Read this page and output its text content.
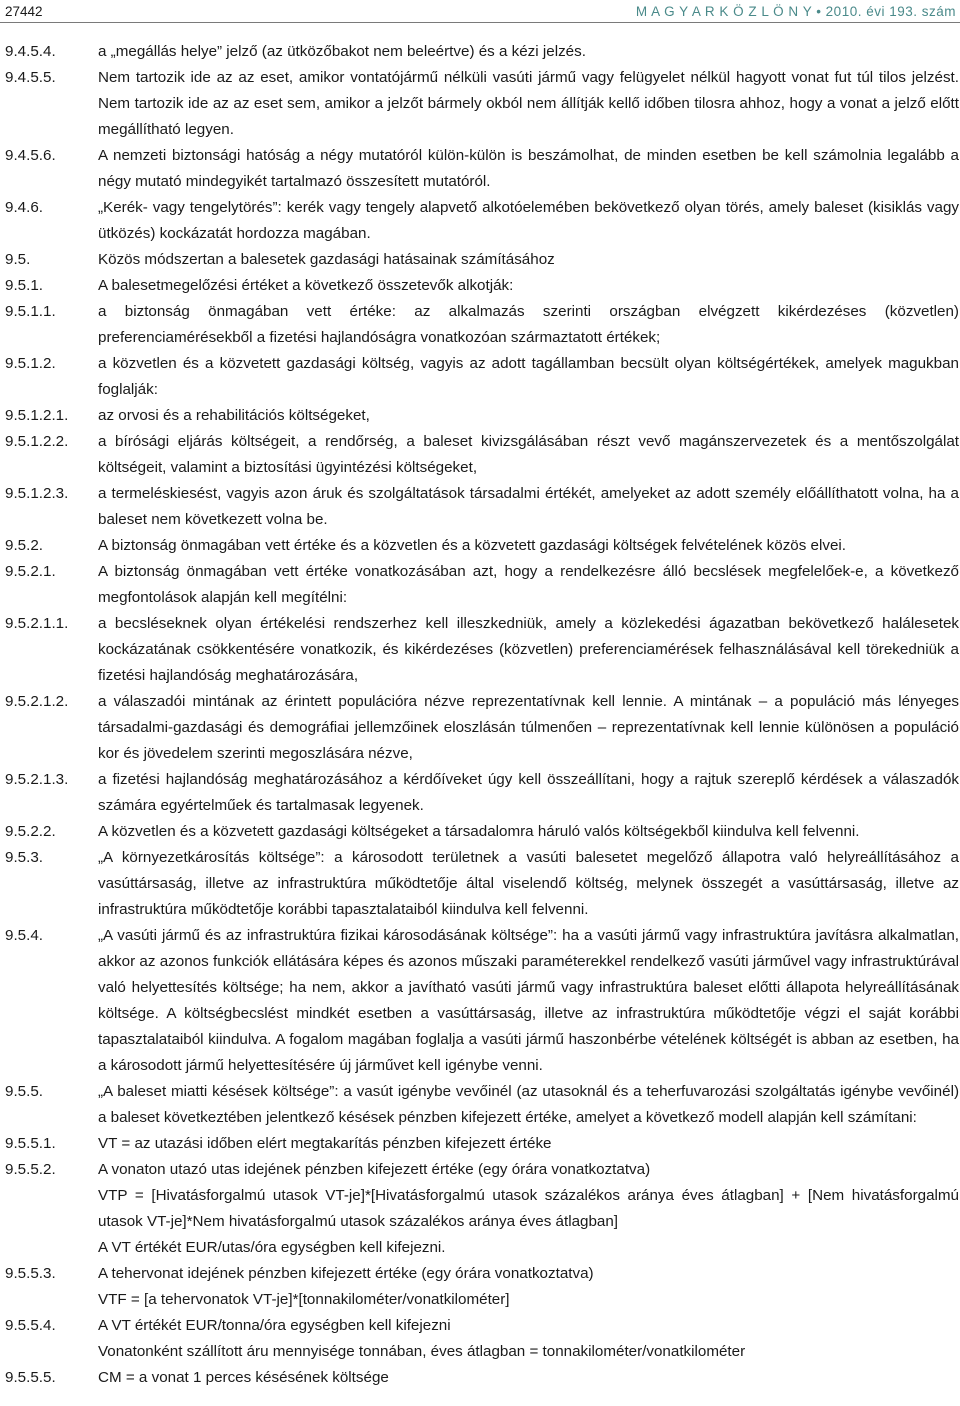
27442	M A G Y A R K Ö Z L Ö N Y • 2010. évi 193. szám
9.4.5.4.	a „megállás helye” jelző (az ütközőbakot nem beleértve) és a kézi jelzés.
9.4.5.5.	Nem tartozik ide az az eset, amikor vontatójármű nélküli vasúti jármű vagy felügyelet nélkül hagyott vonat fut túl tilos jelzést. Nem tartozik ide az az eset sem, amikor a jelzőt bármely okból nem állítják kellő időben tilosra ahhoz, hogy a vonat a jelző előtt megállítható legyen.
9.4.5.6.	A nemzeti biztonsági hatóság a négy mutatóról külön-külön is beszámolhat, de minden esetben be kell számolnia legalább a négy mutató mindegyikét tartalmazó összesített mutatóról.
9.4.6.	„Kerék- vagy tengelytörés”: kerék vagy tengely alapvető alkotóelemében bekövetkező olyan törés, amely baleset (kisiklás vagy ütközés) kockázatát hordozza magában.
9.5.	Közös módszertan a balesetek gazdasági hatásainak számításához
9.5.1.	A balesetmegelőzési értéket a következő összetevők alkotják:
9.5.1.1.	a biztonság önmagában vett értéke: az alkalmazás szerinti országban elvégzett kikérdezéses (közvetlen) preferenciamérésekből a fizetési hajlandóságra vonatkozóan származtatott értékek;
9.5.1.2.	a közvetlen és a közvetett gazdasági költség, vagyis az adott tagállamban becsült olyan költségértékek, amelyek magukban foglalják:
9.5.1.2.1.	az orvosi és a rehabilitációs költségeket,
9.5.1.2.2.	a bírósági eljárás költségeit, a rendőrség, a baleset kivizsgálásában részt vevő magánszervezetek és a mentőszolgálat költségeit, valamint a biztosítási ügyintézési költségeket,
9.5.1.2.3.	a termeléskiesést, vagyis azon áruk és szolgáltatások társadalmi értékét, amelyeket az adott személy előállíthatott volna, ha a baleset nem következett volna be.
9.5.2.	A biztonság önmagában vett értéke és a közvetlen és a közvetett gazdasági költségek felvételének közös elvei.
9.5.2.1.	A biztonság önmagában vett értéke vonatkozásában azt, hogy a rendelkezésre álló becslések megfelelőek-e, a következő megfontolások alapján kell megítélni:
9.5.2.1.1.	a becsléseknek olyan értékelési rendszerhez kell illeszkedniük, amely a közlekedési ágazatban bekövetkező halálesetek kockázatának csökkentésére vonatkozik, és kikérdezéses (közvetlen) preferenciamérések felhasználásával kell törekedniük a fizetési hajlandóság meghatározására,
9.5.2.1.2.	a válaszadói mintának az érintett populációra nézve reprezentatívnak kell lennie. A mintának – a populáció más lényeges társadalmi-gazdasági és demográfiai jellemzőinek eloszlásán túlmenően – reprezentatívnak kell lennie különösen a populáció kor és jövedelem szerinti megoszlására nézve,
9.5.2.1.3.	a fizetési hajlandóság meghatározásához a kérdőíveket úgy kell összeállítani, hogy a rajtuk szereplő kérdések a válaszadók számára egyértelműek és tartalmasak legyenek.
9.5.2.2.	A közvetlen és a közvetett gazdasági költségeket a társadalomra háruló valós költségekből kiindulva kell felvenni.
9.5.3.	„A környezetkárosítás költsége”: a károsodott területnek a vasúti balesetet megelőző állapotra való helyreállításához a vasúttársaság, illetve az infrastruktúra működtetője által viselendő költség, melynek összegét a vasúttársaság, illetve az infrastruktúra működtetője korábbi tapasztalataiból kiindulva kell felvenni.
9.5.4.	„A vasúti jármű és az infrastruktúra fizikai károsodásának költsége”: ha a vasúti jármű vagy infrastruktúra javításra alkalmatlan, akkor az azonos funkciók ellátására képes és azonos műszaki paraméterekkel rendelkező vasúti járművel vagy infrastruktúrával való helyettesítés költsége; ha nem, akkor a javítható vasúti jármű vagy infrastruktúra baleset előtti állapota helyreállításának költsége. A költségbecslést mindkét esetben a vasúttársaság, illetve az infrastruktúra működtetője végzi el saját korábbi tapasztalataiból kiindulva. A fogalom magában foglalja a vasúti jármű haszonbérbe vételének költségét is abban az esetben, ha a károsodott jármű helyettesítésére új járművet kell igénybe venni.
9.5.5.	„A baleset miatti késések költsége”: a vasút igénybe vevőinél (az utasoknál és a teherfuvarozási szolgáltatás igénybe vevőinél) a baleset következtében jelentkező késések pénzben kifejezett értéke, amelyet a következő modell alapján kell számítani:
9.5.5.1.	VT = az utazási időben elért megtakarítás pénzben kifejezett értéke
9.5.5.2.	A vonaton utazó utas idejének pénzben kifejezett értéke (egy órára vonatkoztatva)
VTP = [Hivatásforgalmú utasok VT-je]*[Hivatásforgalmú utasok százalékos aránya éves átlagban] + [Nem hivatásforgalmú utasok VT-je]*Nem hivatásforgalmú utasok százalékos aránya éves átlagban]
A VT értékét EUR/utas/óra egységben kell kifejezni.
9.5.5.3.	A tehervonat idejének pénzben kifejezett értéke (egy órára vonatkoztatva)
VTF = [a tehervonatok VT-je]*[tonnakilométer/vonatkilométer]
9.5.5.4.	A VT értékét EUR/tonna/óra egységben kell kifejezni
Vonatonként szállított áru mennyisége tonnában, éves átlagban = tonnakilométer/vonatkilométer
9.5.5.5.	CM = a vonat 1 perces késésének költsége
